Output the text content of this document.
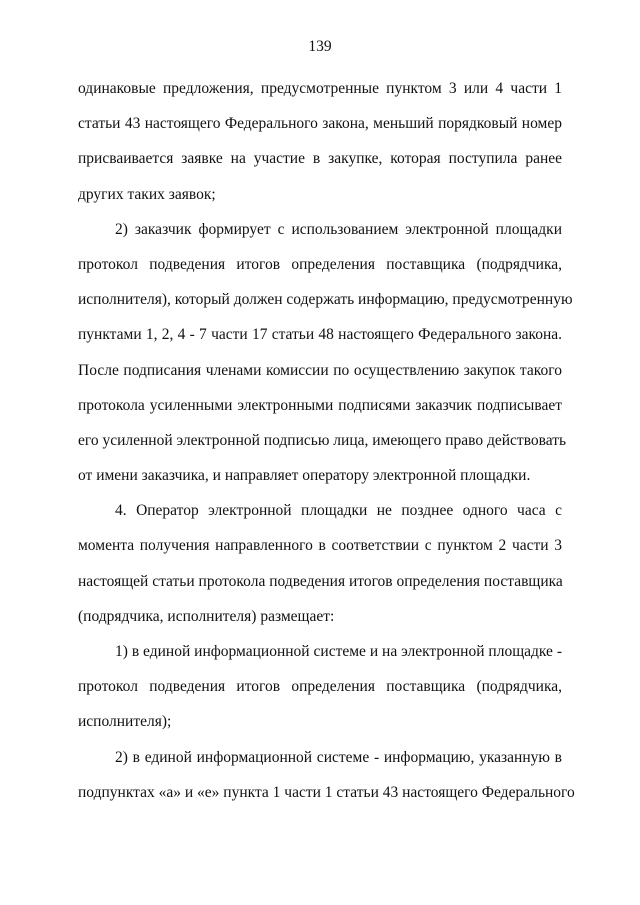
139
одинаковые предложения, предусмотренные пунктом 3 или 4 части 1
статьи 43 настоящего Федерального закона, меньший порядковый номер
присваивается заявке на участие в закупке, которая поступила ранее
других таких заявок;
2) заказчик формирует с использованием электронной площадки
протокол подведения итогов определения поставщика (подрядчика,
исполнителя), который должен содержать информацию, предусмотренную
пунктами 1, 2, 4 - 7 части 17 статьи 48 настоящего Федерального закона.
После подписания членами комиссии по осуществлению закупок такого
протокола усиленными электронными подписями заказчик подписывает
его усиленной электронной подписью лица, имеющего право действовать
от имени заказчика, и направляет оператору электронной площадки.
4. Оператор электронной площадки не позднее одного часа с
момента получения направленного в соответствии с пунктом 2 части 3
настоящей статьи протокола подведения итогов определения поставщика
(подрядчика, исполнителя) размещает:
1) в единой информационной системе и на электронной площадке -
протокол подведения итогов определения поставщика (подрядчика,
исполнителя);
2) в единой информационной системе - информацию, указанную в
подпунктах «а» и «е» пункта 1 части 1 статьи 43 настоящего Федерального
